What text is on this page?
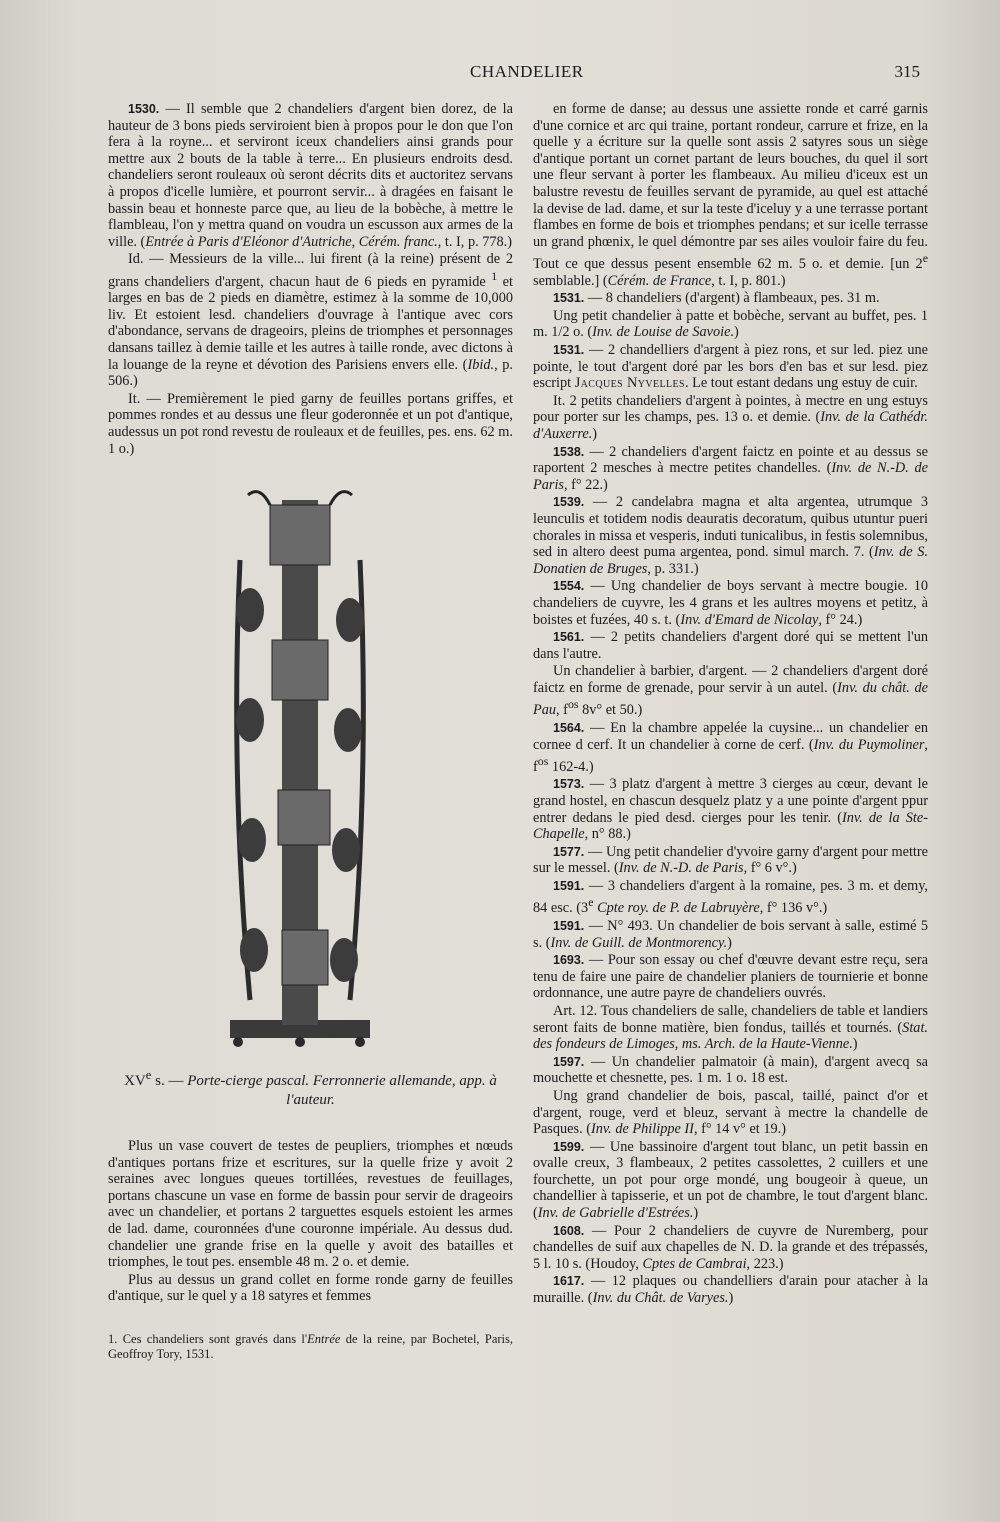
CHANDELIER	315

1530. — Il semble que 2 chandeliers d'argent bien dorez, de la hauteur de 3 bons pieds serviroient bien à propos pour le don que l'on fera à la royne... et serviront iceux chandeliers ainsi grands pour mettre aux 2 bouts de la table à terre... En plusieurs endroits desd. chandeliers seront rouleaux où seront décrits dits et auctoritez servans à propos d'icelle lumière, et pourront servir... à dragées en faisant le bassin beau et honneste parce que, au lieu de la bobèche, à mettre le flambleau, l'on y mettra quand on voudra un escusson aux armes de la ville. (Entrée à Paris d'Eléonor d'Autriche, Cérém. franc., t. I, p. 778.)

Id. — Messieurs de la ville... lui firent (à la reine) présent de 2 grans chandeliers d'argent, chacun haut de 6 pieds en pyramide $^1$ et larges en bas de 2 pieds en diamètre, estimez à la somme de 10,000 liv. Et estoient lesd. chandeliers d'ouvrage à l'antique avec cors d'abondance, servans de drageoirs, pleins de triomphes et personnages dansans taillez à demie taille et les autres à taille ronde, avec dictons à la louange de la reyne et dévotion des Parisiens envers elle. (Ibid., p. 506.)

It. — Premièrement le pied garny de feuilles portans griffes, et pommes rondes et au dessus une fleur goderonnée et un pot d'antique, audessus un pot rond revestu de rouleaux et de feuilles, pes. ens. 62 m. 1 o.)

XVe s. — Porte-cierge pascal. Ferronnerie allemande, app. à l'auteur.

Plus un vase couvert de testes de peupliers, triomphes et nœuds d'antiques portans frize et escritures, sur la quelle frize y avoit 2 seraines avec longues queues tortillées, revestues de feuillages, portans chascune un vase en forme de bassin pour servir de drageoirs avec un chandelier, et portans 2 targuettes esquels estoient les armes de lad. dame, couronnées d'une couronne impériale. Au dessus dud. chandelier une grande frise en la quelle y avoit des batailles et triomphes, le tout pes. ensemble 48 m. 2 o. et demie.

Plus au dessus un grand collet en forme ronde garny de feuilles d'antique, sur le quel y a 18 satyres et femmes

1. Ces chandeliers sont gravés dans l'Entrée de la reine, par Bochetel, Paris, Geoffroy Tory, 1531.

en forme de danse; au dessus une assiette ronde et carré garnis d'une cornice et arc qui traine, portant rondeur, carrure et frize, en la quelle y a écriture sur la quelle sont assis 2 satyres sous un siège d'antique portant un cornet partant de leurs bouches, du quel il sort une fleur servant à porter les flambeaux. Au milieu d'iceux est un balustre revestu de feuilles servant de pyramide, au quel est attaché la devise de lad. dame, et sur la teste d'iceluy y a une terrasse portant flambes en forme de bois et triomphes pendans; et sur icelle terrasse un grand phœnix, le quel démontre par ses ailes vouloir faire du feu. Tout ce que dessus pesent ensemble 62 m. 5 o. et demie. [un 2e semblable.] (Cérém. de France, t. I, p. 801.)

1531. — 8 chandeliers (d'argent) à flambeaux, pes. 31 m.

Ung petit chandelier à patte et bobèche, servant au buffet, pes. 1 m. 1/2 o. (Inv. de Louise de Savoie.)

1531. — 2 chandelliers d'argent à piez rons, et sur led. piez une pointe, le tout d'argent doré par les bors d'en bas et sur lesd. piez escript Jacques Nyvelles. Le tout estant dedans ung estuy de cuir.

It. 2 petits chandeliers d'argent à pointes, à mectre en ung estuys pour porter sur les champs, pes. 13 o. et demie. (Inv. de la Cathédr. d'Auxerre.)

1538. — 2 chandeliers d'argent faictz en pointe et au dessus se raportent 2 mesches à mectre petites chandelles. (Inv. de N.-D. de Paris, f° 22.)

1539. — 2 candelabra magna et alta argentea, utrumque 3 leunculis et totidem nodis deauratis decoratum, quibus utuntur pueri chorales in missa et vesperis, induti tunicalibus, in festis solemnibus, sed in altero deest puma argentea, pond. simul march. 7. (Inv. de S. Donatien de Bruges, p. 331.)

1554. — Ung chandelier de boys servant à mectre bougie. 10 chandeliers de cuyvre, les 4 grans et les aultres moyens et petitz, à boistes et fuzées, 40 s. t. (Inv. d'Emard de Nicolay, f° 24.)

1561. — 2 petits chandeliers d'argent doré qui se mettent l'un dans l'autre.

Un chandelier à barbier, d'argent. — 2 chandeliers d'argent doré faictz en forme de grenade, pour servir à un autel. (Inv. du chât. de Pau, $f^{os}$ 8v° et 50.)

1564. — En la chambre appelée la cuysine... un chandelier en cornee d cerf. It un chandelier à corne de cerf. (Inv. du Puymoliner, $f^{os}$ 162-4.)

1573. — 3 platz d'argent à mettre 3 cierges au cœur, devant le grand hostel, en chascun desquelz platz y a une pointe d'argent ppur entrer dedans le pied desd. cierges pour les tenir. (Inv. de la Ste-Chapelle, n° 88.)

1577. — Ung petit chandelier d'yvoire garny d'argent pour mettre sur le messel. (Inv. de N.-D. de Paris, f° 6 v°.)

1591. — 3 chandeliers d'argent à la romaine, pes. 3 m. et demy, 84 esc. (3e Cpte roy. de P. de Labruyère, f° 136 v°.)

1591. — N° 493. Un chandelier de bois servant à salle, estimé 5 s. (Inv. de Guill. de Montmorency.)

1693. — Pour son essay ou chef d'œuvre devant estre reçu, sera tenu de faire une paire de chandelier planiers de tournierie et bonne ordonnance, une autre payre de chandeliers ouvrés.

Art. 12. Tous chandeliers de salle, chandeliers de table et landiers seront faits de bonne matière, bien fondus, taillés et tournés. (Stat. des fondeurs de Limoges, ms. Arch. de la Haute-Vienne.)

1597. — Un chandelier palmatoir (à main), d'argent avecq sa mouchette et chesnette, pes. 1 m. 1 o. 18 est.

Ung grand chandelier de bois, pascal, taillé, painct d'or et d'argent, rouge, verd et bleuz, servant à mectre la chandelle de Pasques. (Inv. de Philippe II, f° 14 v° et 19.)

1599. — Une bassinoire d'argent tout blanc, un petit bassin en ovalle creux, 3 flambeaux, 2 petites cassolettes, 2 cuillers et une fourchette, un pot pour orge mondé, ung bougeoir à queue, un chandellier à tapisserie, et un pot de chambre, le tout d'argent blanc. (Inv. de Gabrielle d'Estrées.)

1608. — Pour 2 chandeliers de cuyvre de Nuremberg, pour chandelles de suif aux chapelles de N. D. la grande et des trépassés, 5 l. 10 s. (Houdoy, Cptes de Cambrai, 223.)

1617. — 12 plaques ou chandelliers d'arain pour atacher à la muraille. (Inv. du Chât. de Varyes.)
